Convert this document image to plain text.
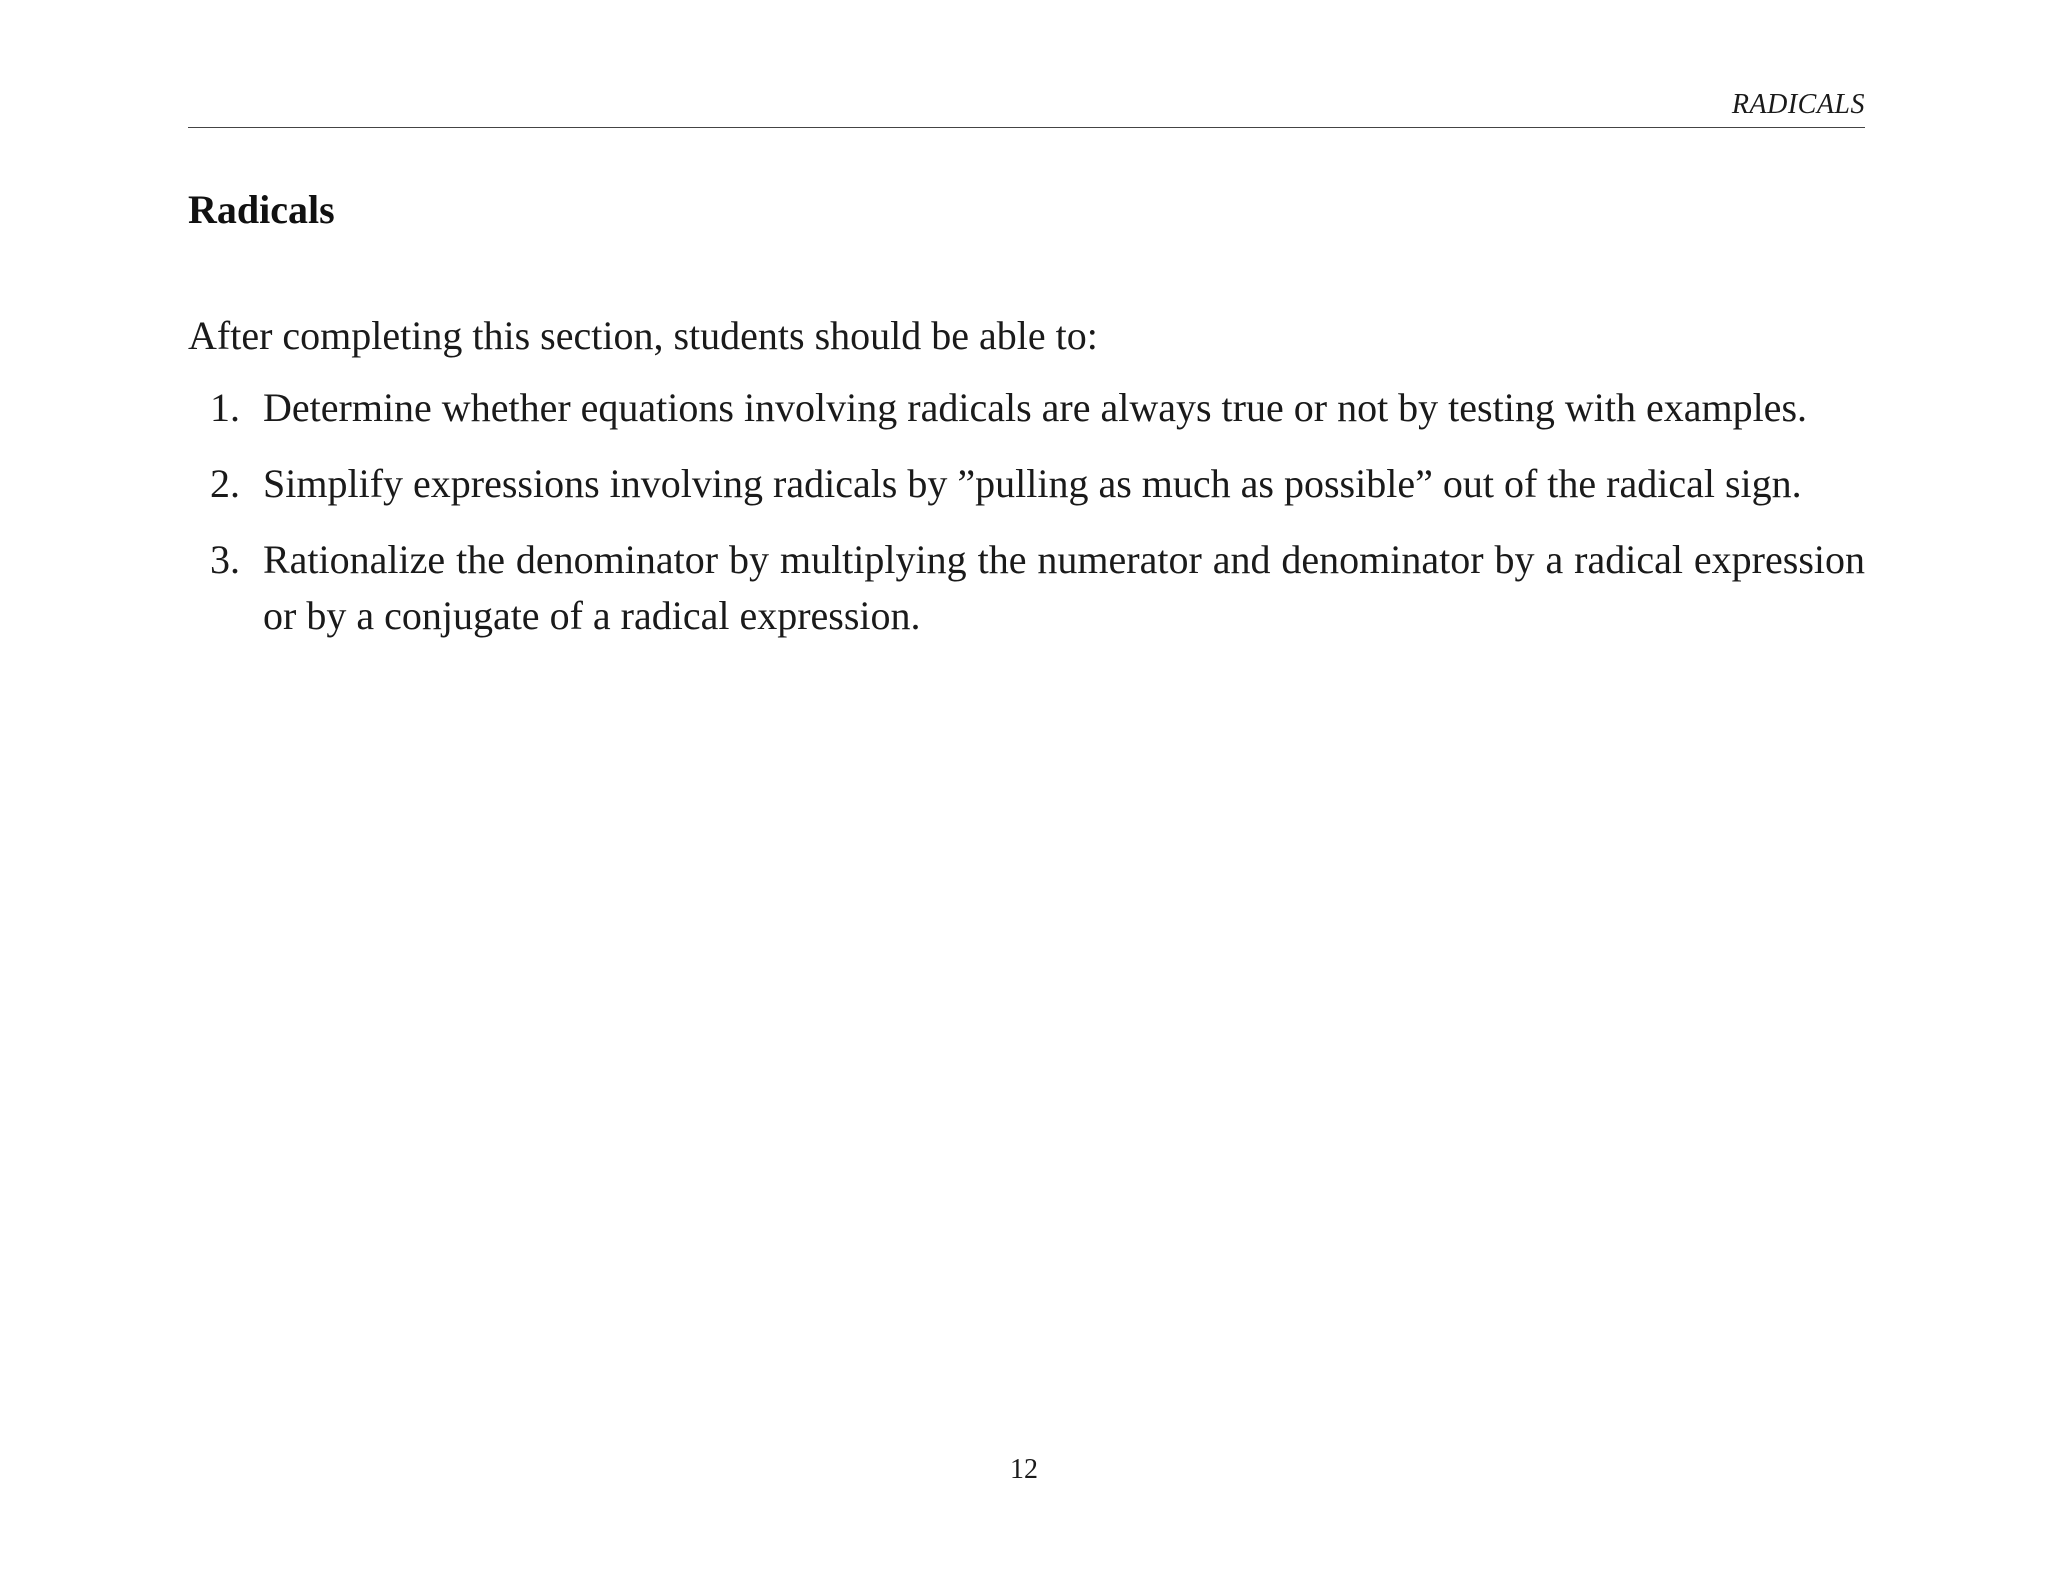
RADICALS
Radicals

After completing this section, students should be able to:

1. Determine whether equations involving radicals are always true or not by testing with examples.
2. Simplify expressions involving radicals by ”pulling as much as possible” out of the radical sign.
3. Rationalize the denominator by multiplying the numerator and denominator by a radical expression or by a conjugate of a radical expression.
12
